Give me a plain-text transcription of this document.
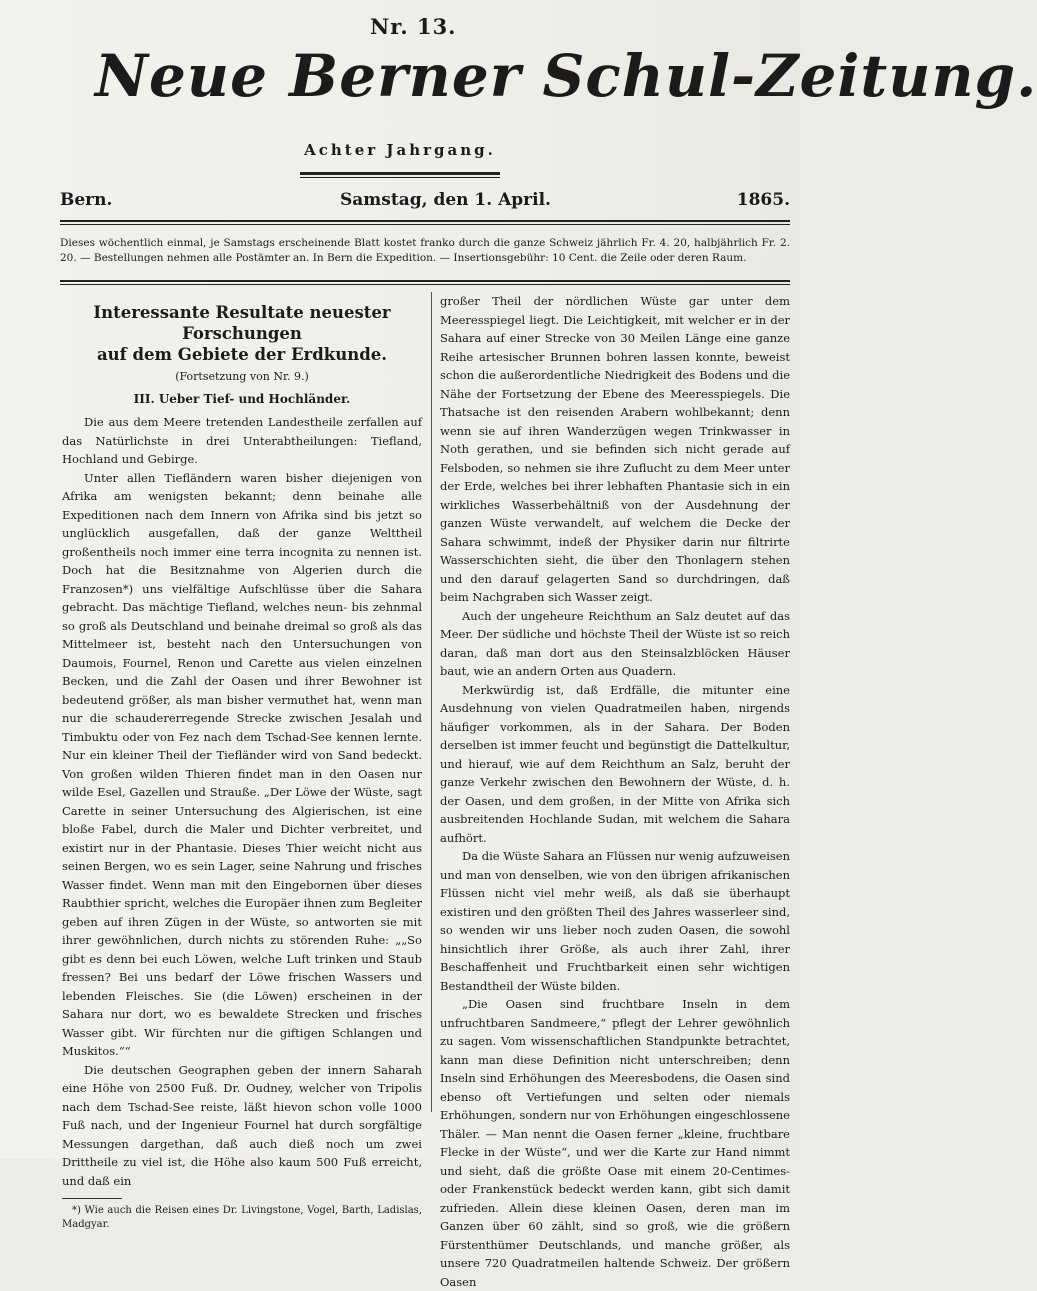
Nr. 13.
Neue Berner Schul-Zeitung.
Achter Jahrgang.
Bern.	Samstag, den 1. April.	1865.
Dieses wöchentlich einmal, je Samstags erscheinende Blatt kostet franko durch die ganze Schweiz jährlich Fr. 4. 20, halbjährlich Fr. 2. 20. — Bestellungen nehmen alle Postämter an. In Bern die Expedition. — Insertionsgebühr: 10 Cent. die Zeile oder deren Raum.
Interessante Resultate neuester Forschungen
auf dem Gebiete der Erdkunde.
(Fortsetzung von Nr. 9.)
III. Ueber Tief- und Hochländer.

Die aus dem Meere tretenden Landestheile zerfallen auf das Natürlichste in drei Unterabtheilungen: Tiefland, Hochland und Gebirge.

Unter allen Tiefländern waren bisher diejenigen von Afrika am wenigsten bekannt; denn beinahe alle Expeditionen nach dem Innern von Afrika sind bis jetzt so unglücklich ausgefallen, daß der ganze Welttheil großentheils noch immer eine terra incognita zu nennen ist. Doch hat die Besitznahme von Algerien durch die Franzosen*) uns vielfältige Aufschlüsse über die Sahara gebracht. Das mächtige Tiefland, welches neun- bis zehnmal so groß als Deutschland und beinahe dreimal so groß als das Mittelmeer ist, besteht nach den Untersuchungen von Daumois, Fournel, Renon und Carette aus vielen einzelnen Becken, und die Zahl der Oasen und ihrer Bewohner ist bedeutend größer, als man bisher vermuthet hat, wenn man nur die schaudererregende Strecke zwischen Jesalah und Timbuktu oder von Fez nach dem Tschad-See kennen lernte. Nur ein kleiner Theil der Tiefländer wird von Sand bedeckt. Von großen wilden Thieren findet man in den Oasen nur wilde Esel, Gazellen und Strauße. „Der Löwe der Wüste, sagt Carette in seiner Untersuchung des Algierischen, ist eine bloße Fabel, durch die Maler und Dichter verbreitet, und existirt nur in der Phantasie. Dieses Thier weicht nicht aus seinen Bergen, wo es sein Lager, seine Nahrung und frisches Wasser findet. Wenn man mit den Eingebornen über dieses Raubthier spricht, welches die Europäer ihnen zum Begleiter geben auf ihren Zügen in der Wüste, so antworten sie mit ihrer gewöhnlichen, durch nichts zu störenden Ruhe: „„So gibt es denn bei euch Löwen, welche Luft trinken und Staub fressen? Bei uns bedarf der Löwe frischen Wassers und lebenden Fleisches. Sie (die Löwen) erscheinen in der Sahara nur dort, wo es bewaldete Strecken und frisches Wasser gibt. Wir fürchten nur die giftigen Schlangen und Muskitos.““

Die deutschen Geographen geben der innern Saharah eine Höhe von 2500 Fuß. Dr. Oudney, welcher von Tripolis nach dem Tschad-See reiste, läßt hievon schon volle 1000 Fuß nach, und der Ingenieur Fournel hat durch sorgfältige Messungen dargethan, daß auch dieß noch um zwei Drittheile zu viel ist, die Höhe also kaum 500 Fuß erreicht, und daß ein

*) Wie auch die Reisen eines Dr. Livingstone, Vogel, Barth, Ladislas, Madgyar.

großer Theil der nördlichen Wüste gar unter dem Meeresspiegel liegt. Die Leichtigkeit, mit welcher er in der Sahara auf einer Strecke von 30 Meilen Länge eine ganze Reihe artesischer Brunnen bohren lassen konnte, beweist schon die außerordentliche Niedrigkeit des Bodens und die Nähe der Fortsetzung der Ebene des Meeresspiegels. Die Thatsache ist den reisenden Arabern wohlbekannt; denn wenn sie auf ihren Wanderzügen wegen Trinkwasser in Noth gerathen, und sie befinden sich nicht gerade auf Felsboden, so nehmen sie ihre Zuflucht zu dem Meer unter der Erde, welches bei ihrer lebhaften Phantasie sich in ein wirkliches Wasserbehältniß von der Ausdehnung der ganzen Wüste verwandelt, auf welchem die Decke der Sahara schwimmt, indeß der Physiker darin nur filtrirte Wasserschichten sieht, die über den Thonlagern stehen und den darauf gelagerten Sand so durchdringen, daß beim Nachgraben sich Wasser zeigt.

Auch der ungeheure Reichthum an Salz deutet auf das Meer. Der südliche und höchste Theil der Wüste ist so reich daran, daß man dort aus den Steinsalzblöcken Häuser baut, wie an andern Orten aus Quadern.

Merkwürdig ist, daß Erdfälle, die mitunter eine Ausdehnung von vielen Quadratmeilen haben, nirgends häufiger vorkommen, als in der Sahara. Der Boden derselben ist immer feucht und begünstigt die Dattelkultur, und hierauf, wie auf dem Reichthum an Salz, beruht der ganze Verkehr zwischen den Bewohnern der Wüste, d. h. der Oasen, und dem großen, in der Mitte von Afrika sich ausbreitenden Hochlande Sudan, mit welchem die Sahara aufhört.

Da die Wüste Sahara an Flüssen nur wenig aufzuweisen und man von denselben, wie von den übrigen afrikanischen Flüssen nicht viel mehr weiß, als daß sie überhaupt existiren und den größten Theil des Jahres wasserleer sind, so wenden wir uns lieber noch zuden Oasen, die sowohl hinsichtlich ihrer Größe, als auch ihrer Zahl, ihrer Beschaffenheit und Fruchtbarkeit einen sehr wichtigen Bestandtheil der Wüste bilden.

„Die Oasen sind fruchtbare Inseln in dem unfruchtbaren Sandmeere,“ pflegt der Lehrer gewöhnlich zu sagen. Vom wissenschaftlichen Standpunkte betrachtet, kann man diese Definition nicht unterschreiben; denn Inseln sind Erhöhungen des Meeresbodens, die Oasen sind ebenso oft Vertiefungen und selten oder niemals Erhöhungen, sondern nur von Erhöhungen eingeschlossene Thäler. — Man nennt die Oasen ferner „kleine, fruchtbare Flecke in der Wüste“, und wer die Karte zur Hand nimmt und sieht, daß die größte Oase mit einem 20-Centimes- oder Frankenstück bedeckt werden kann, gibt sich damit zufrieden. Allein diese kleinen Oasen, deren man im Ganzen über 60 zählt, sind so groß, wie die größern Fürstenthümer Deutschlands, und manche größer, als unsere 720 Quadratmeilen haltende Schweiz. Der größern Oasen
